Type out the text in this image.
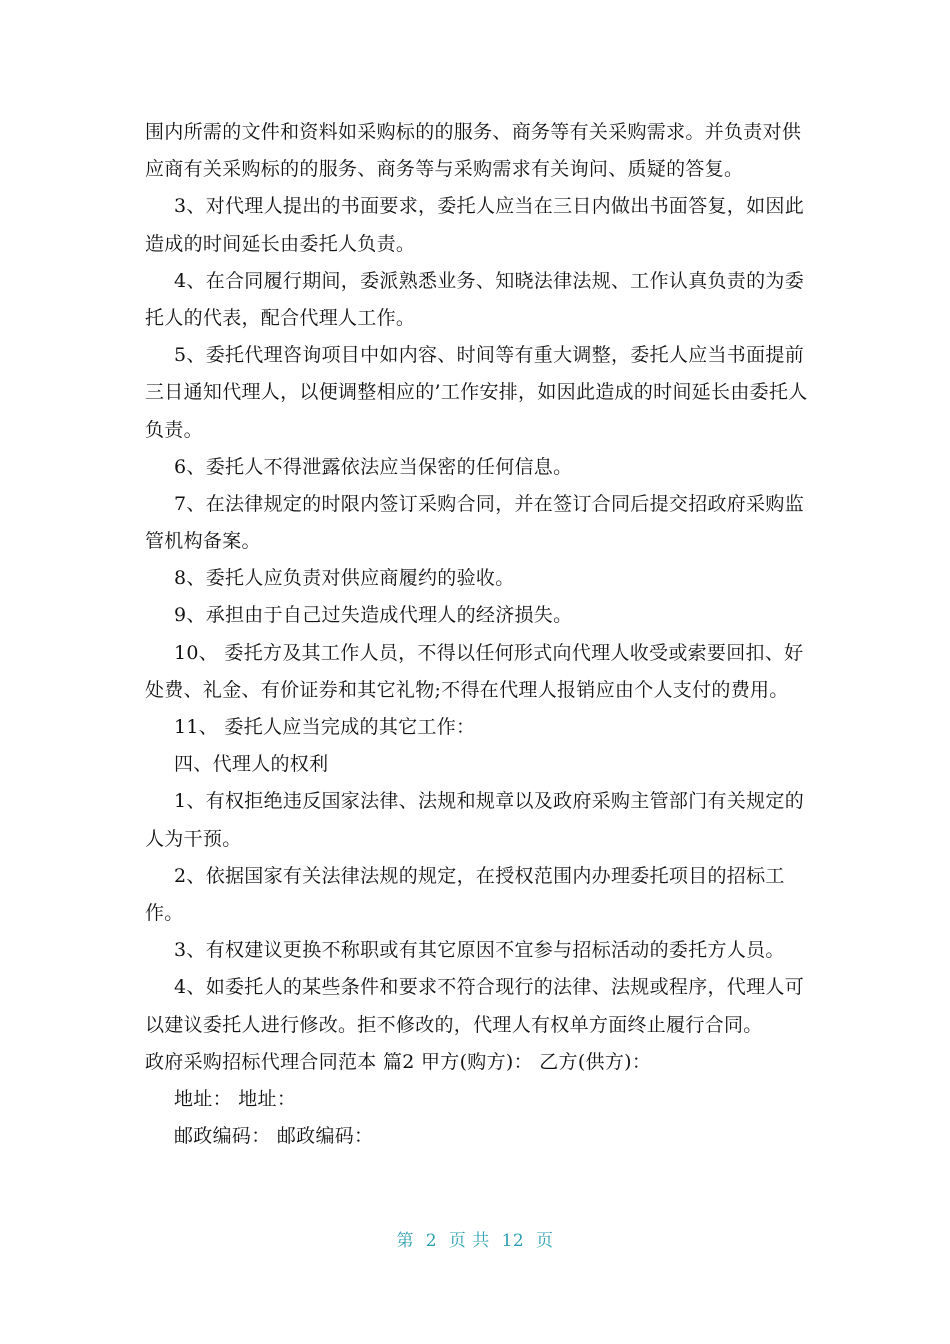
围内所需的文件和资料如采购标的的服务、商务等有关采购需求。并负责对供
应商有关采购标的的服务、商务等与采购需求有关询问、质疑的答复。
3、对代理人提出的书面要求，委托人应当在三日内做出书面答复，如因此
造成的时间延长由委托人负责。
4、在合同履行期间，委派熟悉业务、知晓法律法规、工作认真负责的为委
托人的代表，配合代理人工作。
5、委托代理咨询项目中如内容、时间等有重大调整，委托人应当书面提前
三日通知代理人，以便调整相应的’工作安排，如因此造成的时间延长由委托人
负责。
6、委托人不得泄露依法应当保密的任何信息。
7、在法律规定的时限内签订采购合同，并在签订合同后提交招政府采购监
管机构备案。
8、委托人应负责对供应商履约的验收。
9、承担由于自己过失造成代理人的经济损失。
10、 委托方及其工作人员，不得以任何形式向代理人收受或索要回扣、好
处费、礼金、有价证券和其它礼物;不得在代理人报销应由个人支付的费用。
11、 委托人应当完成的其它工作：
四、代理人的权利
1、有权拒绝违反国家法律、法规和规章以及政府采购主管部门有关规定的
人为干预。
2、依据国家有关法律法规的规定，在授权范围内办理委托项目的招标工
作。
3、有权建议更换不称职或有其它原因不宜参与招标活动的委托方人员。
4、如委托人的某些条件和要求不符合现行的法律、法规或程序，代理人可
以建议委托人进行修改。拒不修改的，代理人有权单方面终止履行合同。
政府采购招标代理合同范本 篇2 甲方(购方)： 乙方(供方)：
地址： 地址：
邮政编码： 邮政编码：
第  2  页 共  12  页
